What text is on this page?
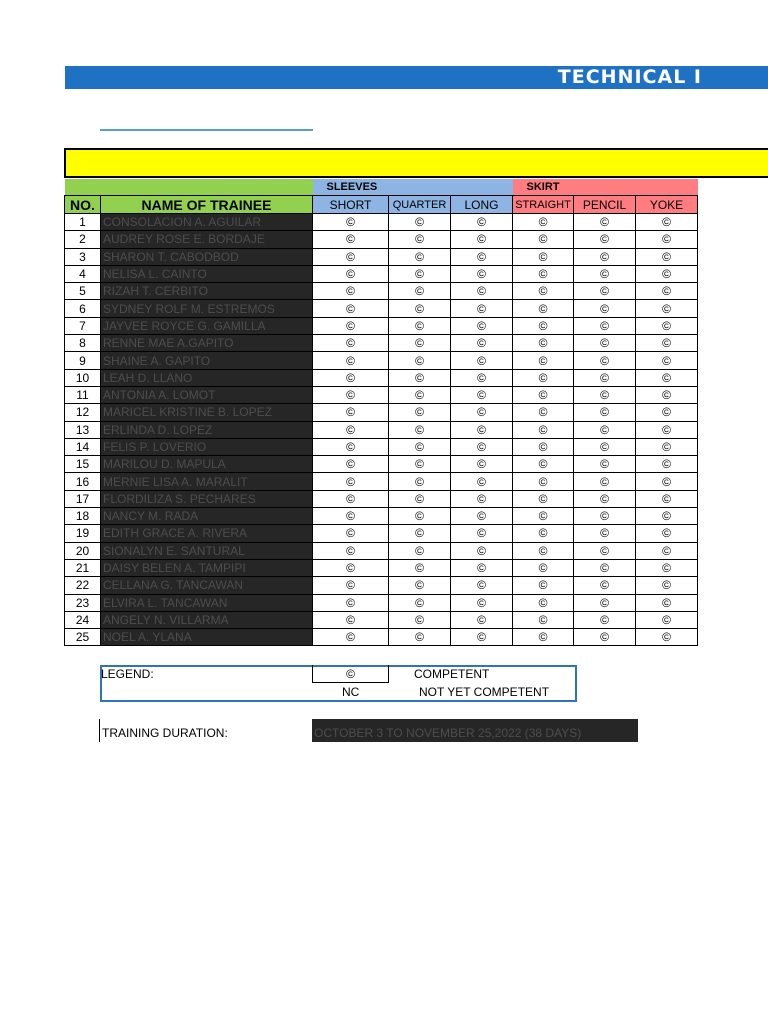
TECHNICAL I
		SLEEVES			SKIRT		
NO.	NAME OF TRAINEE	SHORT	QUARTER	LONG	STRAIGHT	PENCIL	YOKE
1	CONSOLACION A. AGUILAR	©	©	©	©	©	©
2	AUDREY ROSE E. BORDAJE	©	©	©	©	©	©
3	SHARON T. CABODBOD	©	©	©	©	©	©
4	NELISA L. CAINTO	©	©	©	©	©	©
5	RIZAH T. CERBITO	©	©	©	©	©	©
6	SYDNEY ROLF M. ESTREMOS	©	©	©	©	©	©
7	JAYVEE ROYCE G. GAMILLA	©	©	©	©	©	©
8	RENNE MAE A.GAPITO	©	©	©	©	©	©
9	SHAINE A. GAPITO	©	©	©	©	©	©
10	LEAH D. LLANO	©	©	©	©	©	©
11	ANTONIA A. LOMOT	©	©	©	©	©	©
12	MARICEL KRISTINE B. LOPEZ	©	©	©	©	©	©
13	ERLINDA D. LOPEZ	©	©	©	©	©	©
14	FELIS P. LOVERIO	©	©	©	©	©	©
15	MARILOU D. MAPULA	©	©	©	©	©	©
16	MERNIE LISA A. MARALIT	©	©	©	©	©	©
17	FLORDILIZA S. PECHARES	©	©	©	©	©	©
18	NANCY M. RADA	©	©	©	©	©	©
19	EDITH GRACE A. RIVERA	©	©	©	©	©	©
20	SIONALYN E. SANTURAL	©	©	©	©	©	©
21	DAISY BELEN A. TAMPIPI	©	©	©	©	©	©
22	CELLANA G. TANCAWAN	©	©	©	©	©	©
23	ELVIRA L. TANCAWAN	©	©	©	©	©	©
24	ANGELY N. VILLARMA	©	©	©	©	©	©
25	NOEL A. YLANA	©	©	©	©	©	©
LEGEND:	©	COMPETENT
NC	NOT YET COMPETENT
TRAINING DURATION:	OCTOBER 3 TO NOVEMBER 25,2022 (38 DAYS)
